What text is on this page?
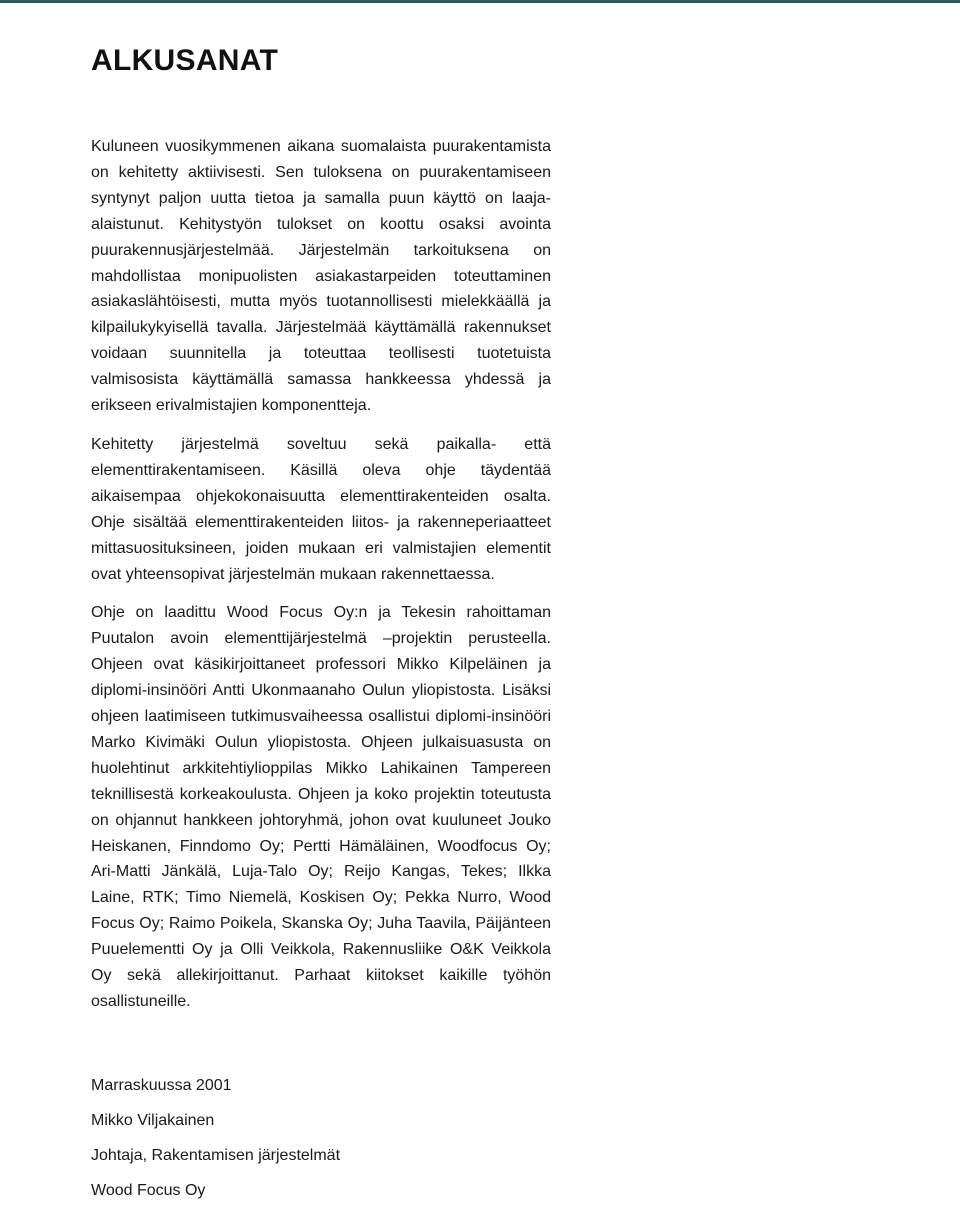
ALKUSANAT

Kuluneen vuosikymmenen aikana suomalaista puurakentamista on kehitetty aktiivisesti. Sen tuloksena on puurakentamiseen syntynyt paljon uutta tietoa ja samalla puun käyttö on laaja-alaistunut. Kehitystyön tulokset on koottu osaksi avointa puurakennusjärjestelmää. Järjestelmän tarkoituksena on mahdollistaa monipuolisten asiakastarpeiden toteuttaminen asiakaslähtöisesti, mutta myös tuotannollisesti mielekkäällä ja kilpailukykyisellä tavalla. Järjestelmää käyttämällä rakennukset voidaan suunnitella ja toteuttaa teollisesti tuotetuista valmisosista käyttämällä samassa hankkeessa yhdessä ja erikseen erivalmistajien komponentteja.

Kehitetty järjestelmä soveltuu sekä paikalla- että elementtirakentamiseen. Käsillä oleva ohje täydentää aikaisempaa ohjekokonaisuutta elementtirakenteiden osalta. Ohje sisältää elementtirakenteiden liitos- ja rakenneperiaatteet mittasuosituksineen, joiden mukaan eri valmistajien elementit ovat yhteensopivat järjestelmän mukaan rakennettaessa.

Ohje on laadittu Wood Focus Oy:n ja Tekesin rahoittaman Puutalon avoin elementtijärjestelmä –projektin perusteella. Ohjeen ovat käsikirjoittaneet professori Mikko Kilpeläinen ja diplomi-insinööri Antti Ukonmaanaho Oulun yliopistosta. Lisäksi ohjeen laatimiseen tutkimusvaiheessa osallistui diplomi-insinööri Marko Kivimäki Oulun yliopistosta. Ohjeen julkaisuasusta on huolehtinut arkkitehtiylioppilas Mikko Lahikainen Tampereen teknillisestä korkeakoulusta. Ohjeen ja koko projektin toteutusta on ohjannut hankkeen johtoryhmä, johon ovat kuuluneet Jouko Heiskanen, Finndomo Oy; Pertti Hämäläinen, Woodfocus Oy; Ari-Matti Jänkälä, Luja-Talo Oy; Reijo Kangas, Tekes; Ilkka Laine, RTK; Timo Niemelä, Koskisen Oy; Pekka Nurro, Wood Focus Oy; Raimo Poikela, Skanska Oy; Juha Taavila, Päijänteen Puuelementti Oy ja Olli Veikkola, Rakennusliike O&K Veikkola Oy sekä allekirjoittanut. Parhaat kiitokset kaikille työhön osallistuneille.

Marraskuussa 2001

Mikko Viljakainen

Johtaja, Rakentamisen järjestelmät

Wood Focus Oy
